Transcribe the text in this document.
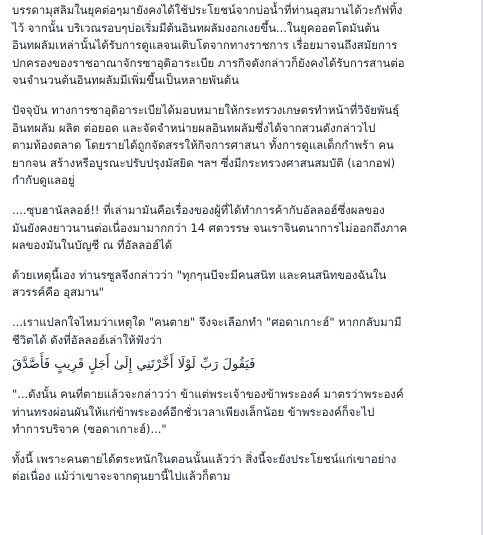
บรรดามุสลิมในยุคต่อๆมายังคงได้ใช้ประโยชน์จากบ่อน้ำที่ท่านอุสมานได้วะกัฟทิ้ง
ไว้ จากนั้น บริเวณรอบๆบ่อเริ่มมีต้นอินทผลัมงอกเงยขึ้น...ในยุคออตโตมันต้น
อินทผลัมเหล่านั้นได้รับการดูแลจนเติบโตจากทางราชการ เรื่อยมาจนถึงสมัยการ
ปกครองของราชอาณาจักรซาอุดิอาระเบีย ภารกิจดังกล่าวก็ยังคงได้รับการสานต่อ
จนจำนวนต้นอินทผลัมมีเพิ่มขึ้นเป็นหลายพันต้น

ปัจจุบัน ทางการซาอุดิอาระเบียได้มอบหมายให้กระทรวงเกษตรทำหน้าที่วิจัยพันธุ์
อินทผลัม ผลิต ต่อยอด และจัดจำหน่ายผลอินทผลัมซึ่งได้จากสวนดังกล่าวไป
ตามท้องตลาด โดยรายได้ถูกจัดสรรให้กิจการศาสนา ทั้งการดูแลเด็กกำพร้า คน
ยากจน สร้างหรือบูรณะปรับปรุงมัสยิด ฯลฯ ซึ่งมีกระทรวงศาสนสมบัติ (เอากอฟ)
กำกับดูแลอยู่

....ซุบฮานัลลอฮ์!! ที่เล่ามามันคือเรื่องของผู้ที่ได้ทำการค้ากับอัลลอฮ์ซึ่งผลของ
มันยังคงยาวนานต่อเนื่องมามากกว่า 14 ศตวรรษ จนเราจินตนาการไม่ออกถึงภาค
ผลของมันในบัญชี ณ ที่อัลลอฮ์ได้

ด้วยเหตุนี้เอง ท่านรซูลจึงกล่าวว่า "ทุกๆนบีจะมีคนสนิท และคนสนิทของฉันใน
สวรรค์คือ อุสมาน"

...เราแปลกใจไหมว่าเหตุใด "คนตาย" จึงจะเลือกทำ "ศอดาเกาะฮ์" หากกลับมามี
ชีวิตได้ ดังที่อัลลอฮ์เล่าให้ฟังว่า

فَيَقُولَ رَبِّ لَوْلَا أَخَّرْتَنِي إِلَىٰ أَجَلٍ قَرِيبٍ فَأَصَّدَّقَ

"...ดังนั้น คนที่ตายแล้วจะกล่าวว่า ข้าแต่พระเจ้าของข้าพระองค์ มาตรว่าพระองค์
ท่านทรงผ่อนผันให้แก่ข้าพระองค์อีกชั่วเวลาเพียงเล็กน้อย ข้าพระองค์ก็จะไป
ทำการบริจาค (ซอดาเกาะฮ์)..."

ทั้งนี้ เพราะคนตายได้ตระหนักในตอนนั้นแล้วว่า สิ่งนี้จะยังประโยชน์แก่เขาอย่าง
ต่อเนื่อง แม้ว่าเขาจะจากดุนยานี้ไปแล้วก็ตาม
